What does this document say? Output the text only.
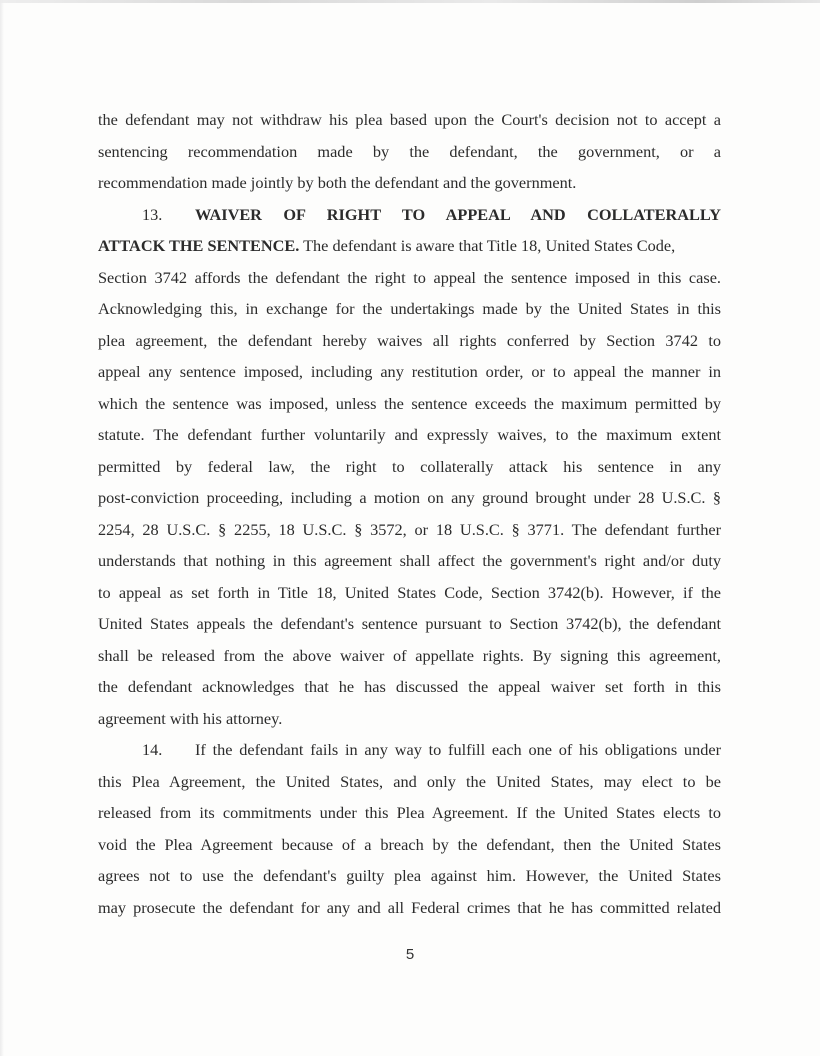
the defendant may not withdraw his plea based upon the Court's decision not to accept a
sentencing recommendation made by the defendant, the government, or a
recommendation made jointly by both the defendant and the government.
13. WAIVER OF RIGHT TO APPEAL AND COLLATERALLY
ATTACK THE SENTENCE. The defendant is aware that Title 18, United States Code,
Section 3742 affords the defendant the right to appeal the sentence imposed in this case.
Acknowledging this, in exchange for the undertakings made by the United States in this
plea agreement, the defendant hereby waives all rights conferred by Section 3742 to
appeal any sentence imposed, including any restitution order, or to appeal the manner in
which the sentence was imposed, unless the sentence exceeds the maximum permitted by
statute. The defendant further voluntarily and expressly waives, to the maximum extent
permitted by federal law, the right to collaterally attack his sentence in any
post-conviction proceeding, including a motion on any ground brought under 28 U.S.C. §
2254, 28 U.S.C. § 2255, 18 U.S.C. § 3572, or 18 U.S.C. § 3771. The defendant further
understands that nothing in this agreement shall affect the government's right and/or duty
to appeal as set forth in Title 18, United States Code, Section 3742(b). However, if the
United States appeals the defendant's sentence pursuant to Section 3742(b), the defendant
shall be released from the above waiver of appellate rights. By signing this agreement,
the defendant acknowledges that he has discussed the appeal waiver set forth in this
agreement with his attorney.
14. If the defendant fails in any way to fulfill each one of his obligations under
this Plea Agreement, the United States, and only the United States, may elect to be
released from its commitments under this Plea Agreement. If the United States elects to
void the Plea Agreement because of a breach by the defendant, then the United States
agrees not to use the defendant's guilty plea against him. However, the United States
may prosecute the defendant for any and all Federal crimes that he has committed related
5
